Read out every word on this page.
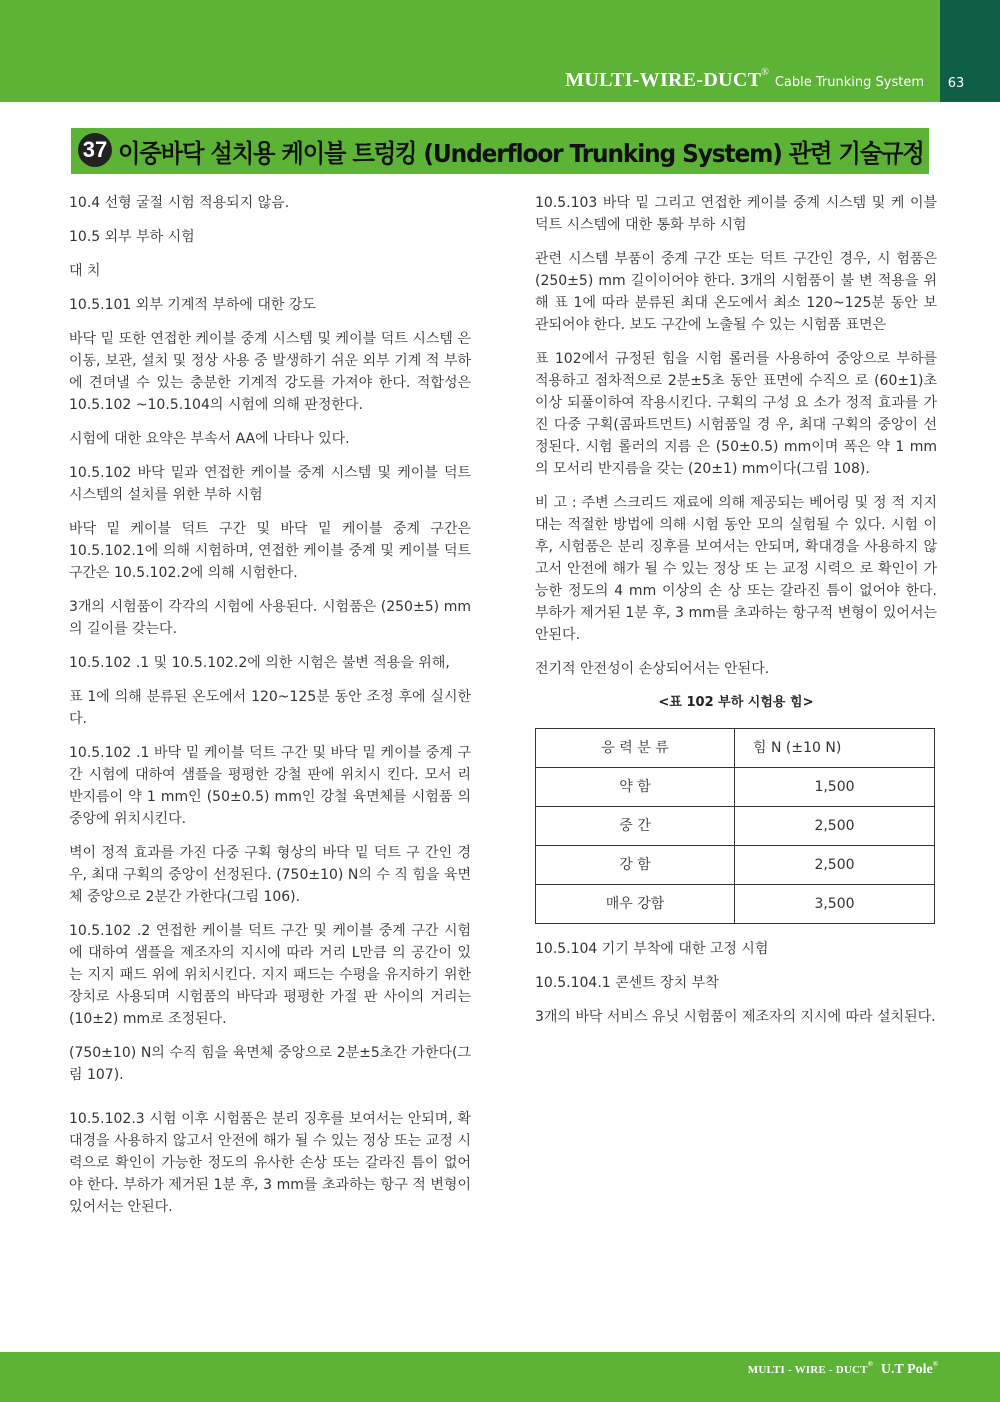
MULTI-WIRE-DUCT®Cable Trunking System	63
37 이중바닥 설치용 케이블 트렁킹 (Underfloor Trunking System) 관련 기술규정

10.4 선형 굴절 시험 적용되지 않음.

10.5 외부 부하 시험

대 치

10.5.101 외부 기계적 부하에 대한 강도

바닥 밑 또한 연접한 케이블 중계 시스템 및 케이블 덕트 시스템 은 이동, 보관, 설치 및 정상 사용 중 발생하기 쉬운 외부 기계 적 부하에 견뎌낼 수 있는 충분한 기계적 강도를 가져야 한다. 적합성은 10.5.102 ~10.5.104의 시험에 의해 판정한다.

시험에 대한 요약은 부속서 AA에 나타나 있다.

10.5.102 바닥 밑과 연접한 케이블 중계 시스템 및 케이블 덕트 시스템의 설치를 위한 부하 시험

바닥 밑 케이블 덕트 구간 및 바닥 밑 케이블 중계 구간은 10.5.102.1에 의해 시험하며, 연접한 케이블 중계 및 케이블 덕트 구간은 10.5.102.2에 의해 시험한다.

3개의 시험품이 각각의 시험에 사용된다. 시험품은 (250±5) mm 의 길이를 갖는다.

10.5.102 .1 및 10.5.102.2에 의한 시험은 불변 적용을 위해,

표 1에 의해 분류된 온도에서 120~125분 동안 조정 후에 실시한다.

10.5.102 .1 바닥 밑 케이블 덕트 구간 및 바닥 밑 케이블 중계 구간 시험에 대하여 샘플을 평평한 강철 판에 위치시 킨다. 모서 리 반지름이 약 1 mm인 (50±0.5) mm인 강철 육면체를 시험품 의 중앙에 위치시킨다.

벽이 정적 효과를 가진 다중 구획 형상의 바닥 밑 덕트 구 간인 경우, 최대 구획의 중앙이 선정된다. (750±10) N의 수 직 힘을 육면체 중앙으로 2분간 가한다(그림 106).

10.5.102 .2 연접한 케이블 덕트 구간 및 케이블 중계 구간 시험 에 대하여 샘플을 제조자의 지시에 따라 거리 L만큼 의 공간이 있는 지지 패드 위에 위치시킨다. 지지 패드는 수평을 유지하기 위한 장치로 사용되며 시험품의 바닥과 평평한 가절 판 사이의 거리는 (10±2) mm로 조정된다.

(750±10) N의 수직 힘을 육면체 중앙으로 2분±5초간 가한다(그 림 107).

10.5.102.3 시험 이후 시험품은 분리 징후를 보여서는 안되며, 확대경을 사용하지 않고서 안전에 해가 될 수 있는 정상 또는 교정 시력으로 확인이 가능한 정도의 유사한 손상 또는 갈라진 틈이 없어야 한다. 부하가 제거된 1분 후, 3 mm를 초과하는 항구 적 변형이 있어서는 안된다.

10.5.103 바닥 밑 그리고 연접한 케이블 중계 시스템 및 케 이블 덕트 시스템에 대한 통화 부하 시험

관련 시스템 부품이 중계 구간 또는 덕트 구간인 경우, 시 험품은 (250±5) mm 길이이어야 한다. 3개의 시험품이 불 변 적용을 위해 표 1에 따라 분류된 최대 온도에서 최소 120~125분 동안 보관되어야 한다. 보도 구간에 노출될 수 있는 시험품 표면은

표 102에서 규정된 힘을 시험 롤러를 사용하여 중앙으로 부하를 적용하고 점차적으로 2분±5초 동안 표면에 수직으 로 (60±1)초 이상 되풀이하여 작용시킨다. 구획의 구성 요 소가 정적 효과를 가진 다중 구획(콤파트먼트) 시험품일 경 우, 최대 구획의 중앙이 선정된다. 시험 롤러의 지름 은 (50±0.5) mm이며 폭은 약 1 mm 의 모서리 반지름을 갖는 (20±1) mm이다(그림 108).

비 고 : 주변 스크리드 재료에 의해 제공되는 베어링 및 정 적 지지대는 적절한 방법에 의해 시험 동안 모의 실험될 수 있다. 시험 이후, 시험품은 분리 징후를 보여서는 안되며, 확대경을 사용하지 않고서 안전에 해가 될 수 있는 정상 또 는 교정 시력으 로 확인이 가능한 정도의 4 mm 이상의 손 상 또는 갈라진 틈이 없어야 한다. 부하가 제거된 1분 후, 3 mm를 초과하는 항구적 변형이 있어서는 안된다.

전기적 안전성이 손상되어서는 안된다.

<표 102 부하 시험용 힘>
응 력 분 류	힘 N (±10 N)
약 함	1,500
중 간	2,500
강 함	2,500
매우 강함	3,500

10.5.104 기기 부착에 대한 고정 시험

10.5.104.1 콘센트 장치 부착

3개의 바닥 서비스 유닛 시험품이 제조자의 지시에 따라 설치된다.

MULTI - WIRE - DUCT® U.T Pole®
